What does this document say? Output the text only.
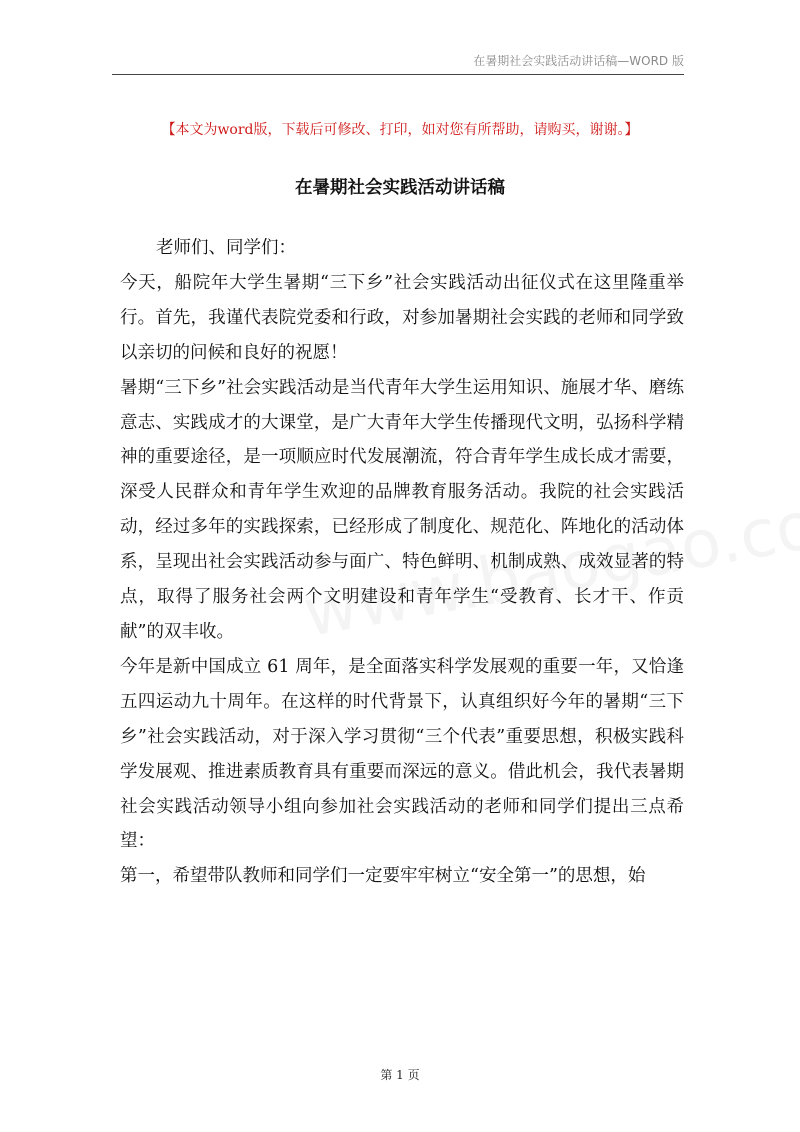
在暑期社会实践活动讲话稿—WORD 版
【本文为word版，下载后可修改、打印，如对您有所帮助，请购买，谢谢。】
在暑期社会实践活动讲话稿

老师们、同学们：

今天，船院年大学生暑期“三下乡”社会实践活动出征仪式在这里隆重举行。首先，我谨代表院党委和行政，对参加暑期社会实践的老师和同学致以亲切的问候和良好的祝愿！

暑期“三下乡”社会实践活动是当代青年大学生运用知识、施展才华、磨练意志、实践成才的大课堂，是广大青年大学生传播现代文明，弘扬科学精神的重要途径，是一项顺应时代发展潮流，符合青年学生成长成才需要，深受人民群众和青年学生欢迎的品牌教育服务活动。我院的社会实践活动，经过多年的实践探索，已经形成了制度化、规范化、阵地化的活动体系，呈现出社会实践活动参与面广、特色鲜明、机制成熟、成效显著的特点，取得了服务社会两个文明建设和青年学生“受教育、长才干、作贡献”的双丰收。

今年是新中国成立 61 周年，是全面落实科学发展观的重要一年，又恰逢五四运动九十周年。在这样的时代背景下，认真组织好今年的暑期“三下乡”社会实践活动，对于深入学习贯彻“三个代表”重要思想，积极实践科学发展观、推进素质教育具有重要而深远的意义。借此机会，我代表暑期社会实践活动领导小组向参加社会实践活动的老师和同学们提出三点希望：

第一，希望带队教师和同学们一定要牢牢树立“安全第一”的思想，始

第 1 页
